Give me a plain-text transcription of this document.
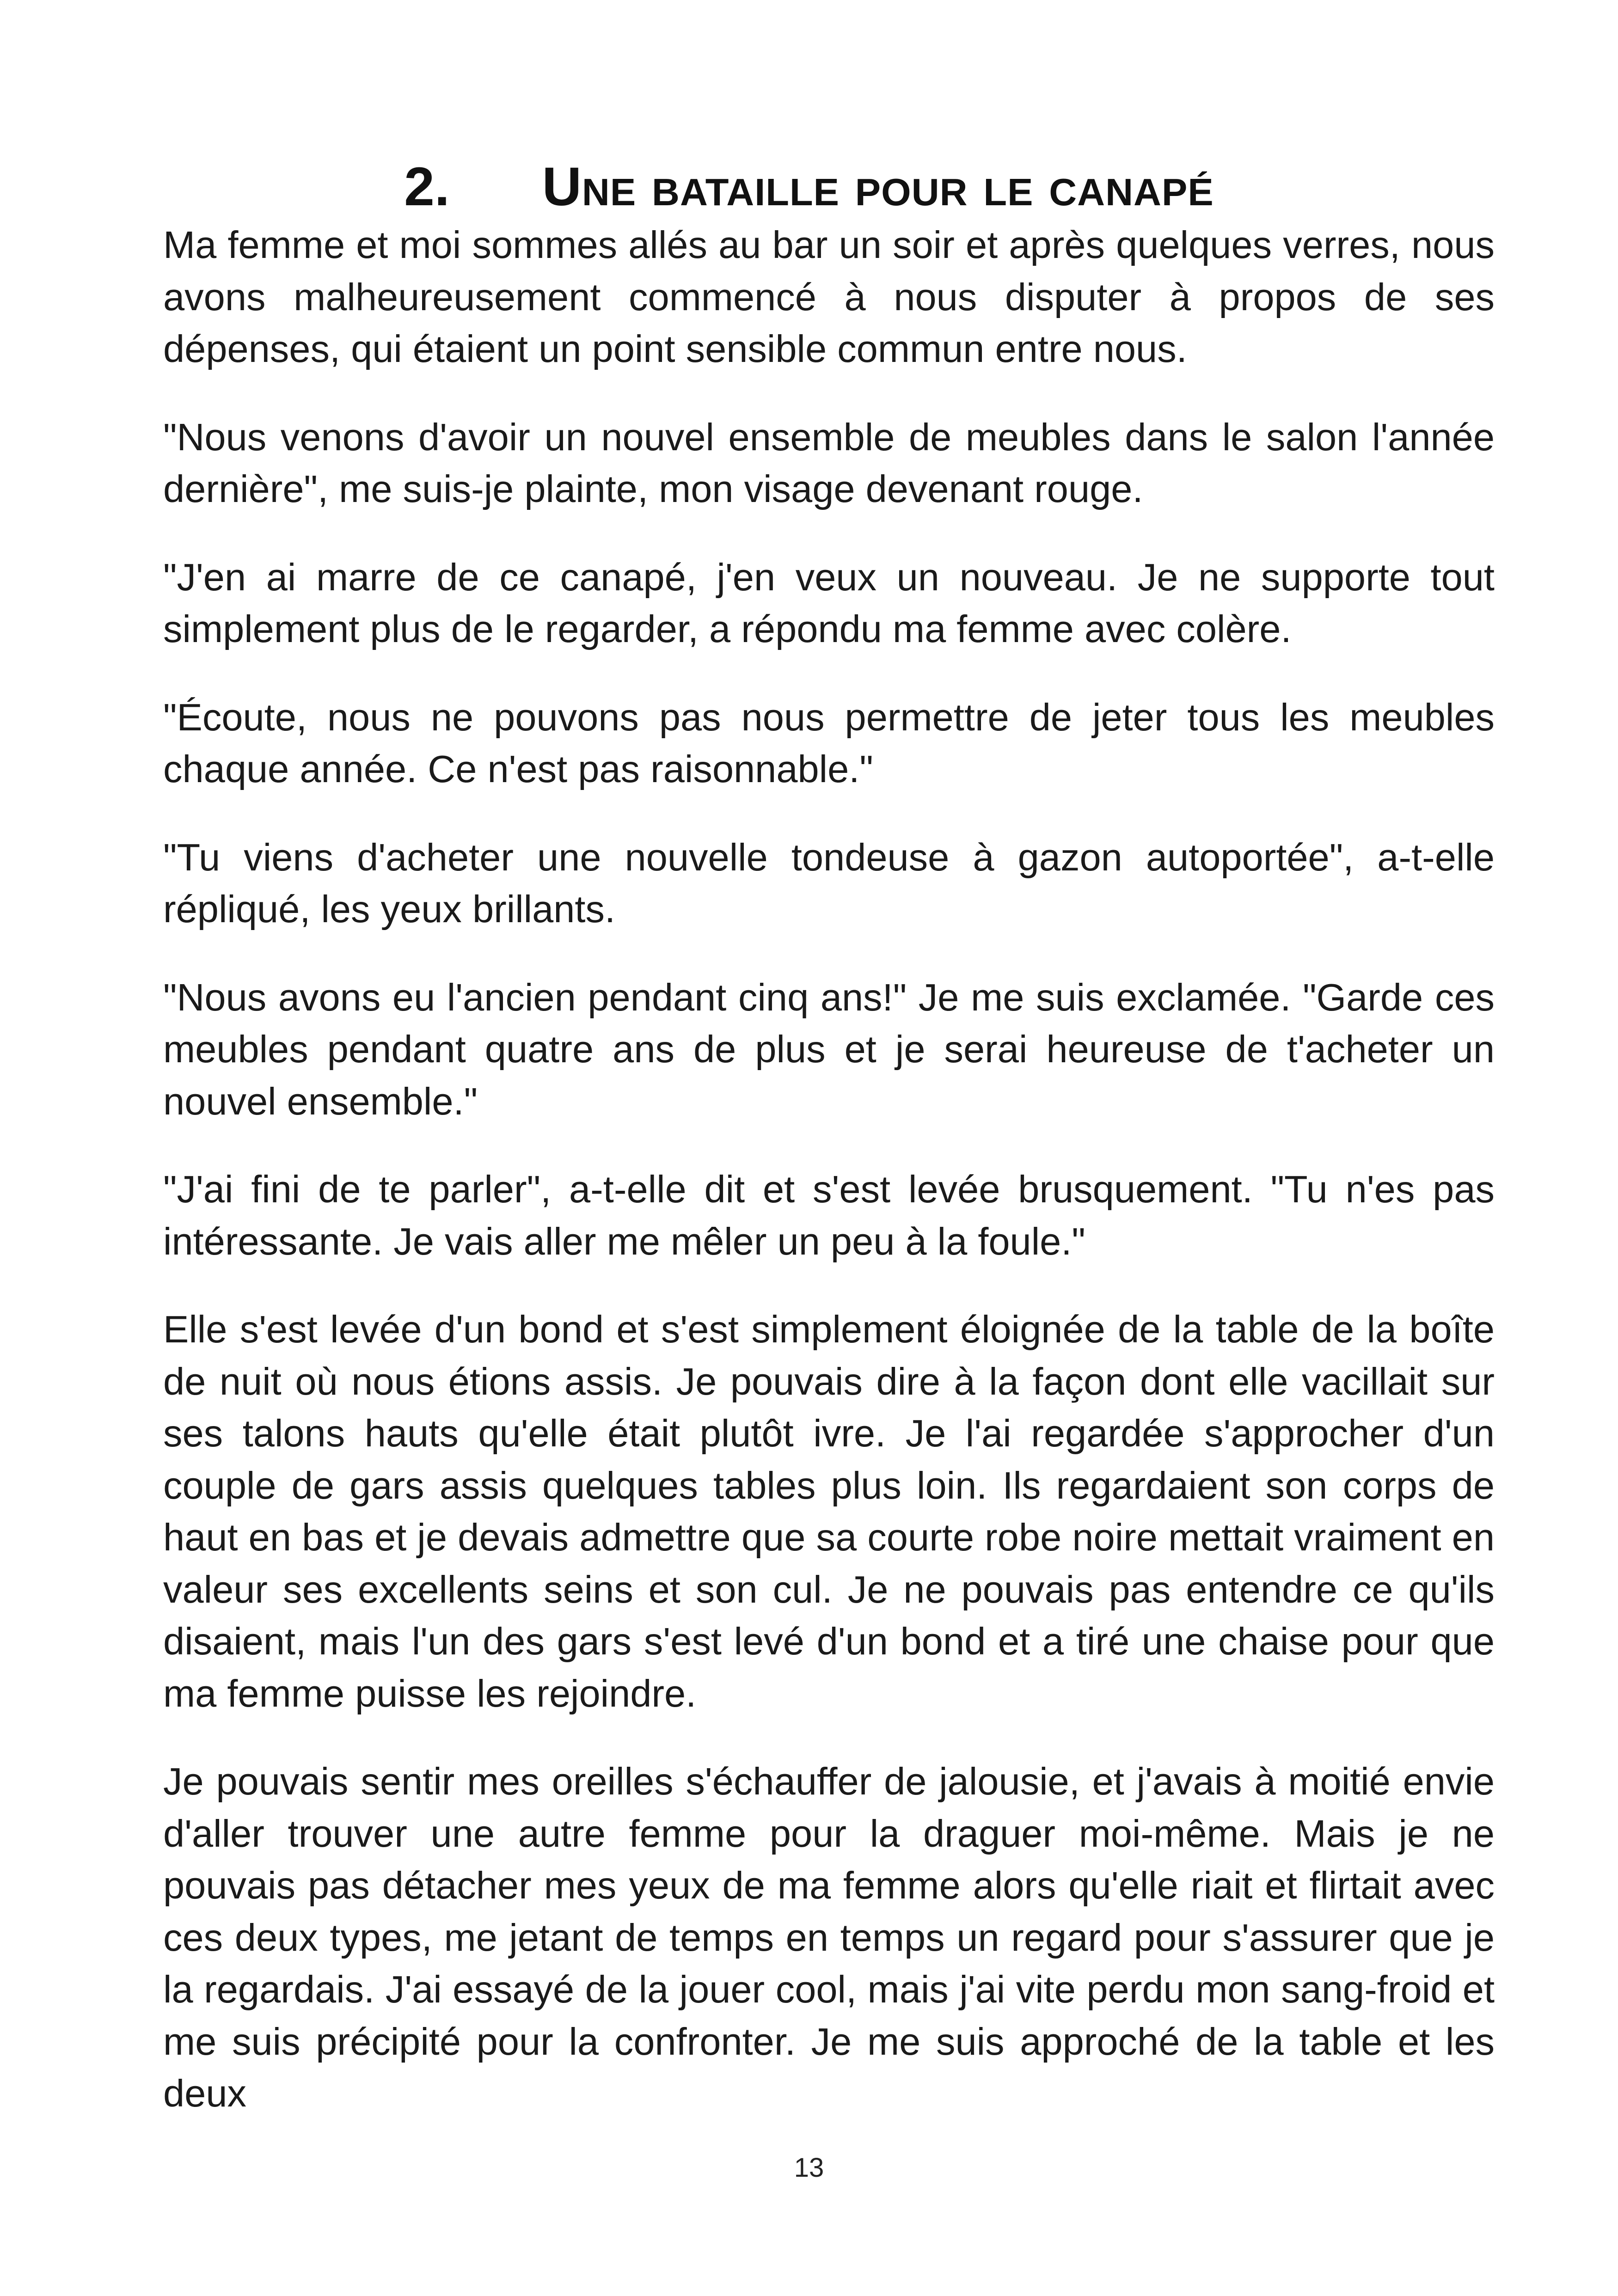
2. Une bataille pour le canapé

Ma femme et moi sommes allés au bar un soir et après quelques verres, nous avons malheureusement commencé à nous disputer à propos de ses dépenses, qui étaient un point sensible commun entre nous.

"Nous venons d'avoir un nouvel ensemble de meubles dans le salon l'année dernière", me suis-je plainte, mon visage devenant rouge.

"J'en ai marre de ce canapé, j'en veux un nouveau. Je ne supporte tout simplement plus de le regarder, a répondu ma femme avec colère.

"Écoute, nous ne pouvons pas nous permettre de jeter tous les meubles chaque année. Ce n'est pas raisonnable."

"Tu viens d'acheter une nouvelle tondeuse à gazon autoportée", a-t-elle répliqué, les yeux brillants.

"Nous avons eu l'ancien pendant cinq ans!" Je me suis exclamée. "Garde ces meubles pendant quatre ans de plus et je serai heureuse de t'acheter un nouvel ensemble."

"J'ai fini de te parler", a-t-elle dit et s'est levée brusquement. "Tu n'es pas intéressante. Je vais aller me mêler un peu à la foule."

Elle s'est levée d'un bond et s'est simplement éloignée de la table de la boîte de nuit où nous étions assis. Je pouvais dire à la façon dont elle vacillait sur ses talons hauts qu'elle était plutôt ivre. Je l'ai regardée s'approcher d'un couple de gars assis quelques tables plus loin. Ils regardaient son corps de haut en bas et je devais admettre que sa courte robe noire mettait vraiment en valeur ses excellents seins et son cul. Je ne pouvais pas entendre ce qu'ils disaient, mais l'un des gars s'est levé d'un bond et a tiré une chaise pour que ma femme puisse les rejoindre.

Je pouvais sentir mes oreilles s'échauffer de jalousie, et j'avais à moitié envie d'aller trouver une autre femme pour la draguer moi-même. Mais je ne pouvais pas détacher mes yeux de ma femme alors qu'elle riait et flirtait avec ces deux types, me jetant de temps en temps un regard pour s'assurer que je la regardais. J'ai essayé de la jouer cool, mais j'ai vite perdu mon sang-froid et me suis précipité pour la confronter. Je me suis approché de la table et les deux

13
